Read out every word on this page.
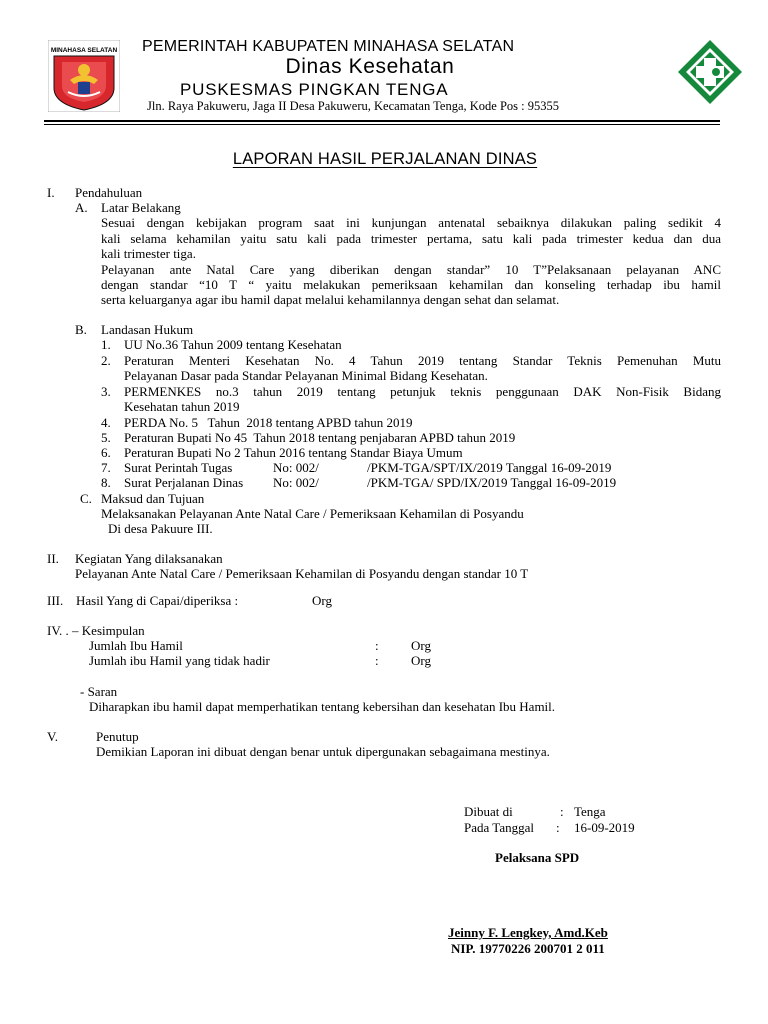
MINAHASA SELATAN PEMERINTAH KABUPATEN MINAHASA SELATAN
Dinas Kesehatan
PUSKESMAS PINGKAN TENGA
Jln. Raya Pakuweru, Jaga II Desa Pakuweru, Kecamatan Tenga, Kode Pos : 95355
LAPORAN HASIL PERJALANAN DINAS
I. Pendahuluan
A. Latar Belakang
Sesuai dengan kebijakan program saat ini kunjungan antenatal sebaiknya dilakukan paling sedikit 4
kali selama kehamilan yaitu satu kali pada trimester pertama, satu kali pada trimester kedua dan dua
kali trimester tiga.
Pelayanan ante Natal Care yang diberikan dengan standar” 10 T”Pelaksanaan pelayanan ANC
dengan standar “10 T “ yaitu melakukan pemeriksaan kehamilan dan konseling terhadap ibu hamil
serta keluarganya agar ibu hamil dapat melalui kehamilannya dengan sehat dan selamat.
B. Landasan Hukum
1. UU No.36 Tahun 2009 tentang Kesehatan
2. Peraturan Menteri Kesehatan No. 4 Tahun 2019 tentang Standar Teknis Pemenuhan Mutu
Pelayanan Dasar pada Standar Pelayanan Minimal Bidang Kesehatan.
3. PERMENKES no.3 tahun 2019 tentang petunjuk teknis penggunaan DAK Non-Fisik Bidang
Kesehatan tahun 2019
4. PERDA No. 5   Tahun  2018 tentang APBD tahun 2019
5. Peraturan Bupati No 45  Tahun 2018 tentang penjabaran APBD tahun 2019
6. Peraturan Bupati No 2 Tahun 2016 tentang Standar Biaya Umum
7. Surat Perintah Tugas	No: 002/	/PKM-TGA/SPT/IX/2019 Tanggal 16-09-2019
8. Surat Perjalanan Dinas No: 002/	/PKM-TGA/ SPD/IX/2019 Tanggal 16-09-2019
C. Maksud dan Tujuan
Melaksanakan Pelayanan Ante Natal Care / Pemeriksaan Kehamilan di Posyandu
Di desa Pakuure III.
II. Kegiatan Yang dilaksanakan
Pelayanan Ante Natal Care / Pemeriksaan Kehamilan di Posyandu dengan standar 10 T
III. Hasil Yang di Capai/diperiksa :	Org
IV. . – Kesimpulan
Jumlah Ibu Hamil	: Org
Jumlah ibu Hamil yang tidak hadir	: Org
- Saran
Diharapkan ibu hamil dapat memperhatikan tentang kebersihan dan kesehatan Ibu Hamil.
V.	Penutup
Demikian Laporan ini dibuat dengan benar untuk dipergunakan sebagaimana mestinya.
Dibuat di	: Tenga
Pada Tanggal : 16-09-2019
Pelaksana SPD
Jeinny F. Lengkey, Amd.Keb
NIP. 19770226 200701 2 011
